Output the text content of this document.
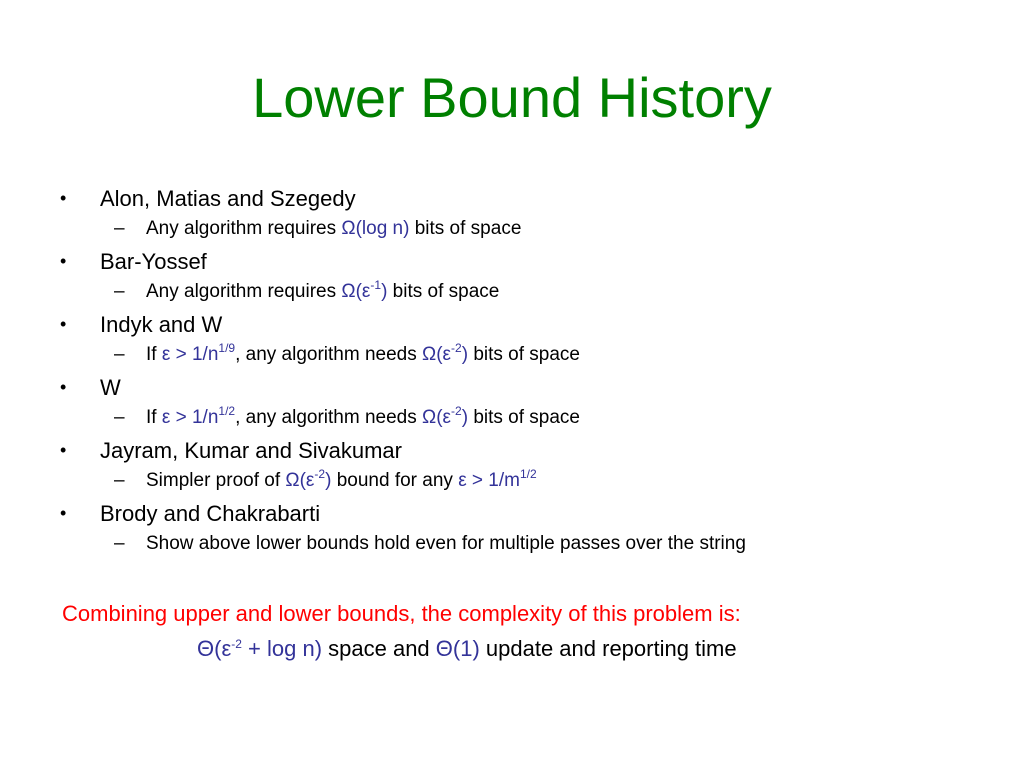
Lower Bound History
• Alon, Matias and Szegedy
– Any algorithm requires Ω(log n) bits of space
• Bar-Yossef
– Any algorithm requires $\Omega(\varepsilon^{-1})$ bits of space
• Indyk and W
– If $\varepsilon > 1/n^{1/9}$, any algorithm needs $\Omega(\varepsilon^{-2})$ bits of space
• W
– If $\varepsilon > 1/n^{1/2}$, any algorithm needs $\Omega(\varepsilon^{-2})$ bits of space
• Jayram, Kumar and Sivakumar
– Simpler proof of $\Omega(\varepsilon^{-2})$ bound for any $\varepsilon > 1/m^{1/2}$
• Brody and Chakrabarti
– Show above lower bounds hold even for multiple passes over the string
Combining upper and lower bounds, the complexity of this problem is:
$\Theta(\varepsilon^{-2} + \log n)$ space and Θ(1) update and reporting time
